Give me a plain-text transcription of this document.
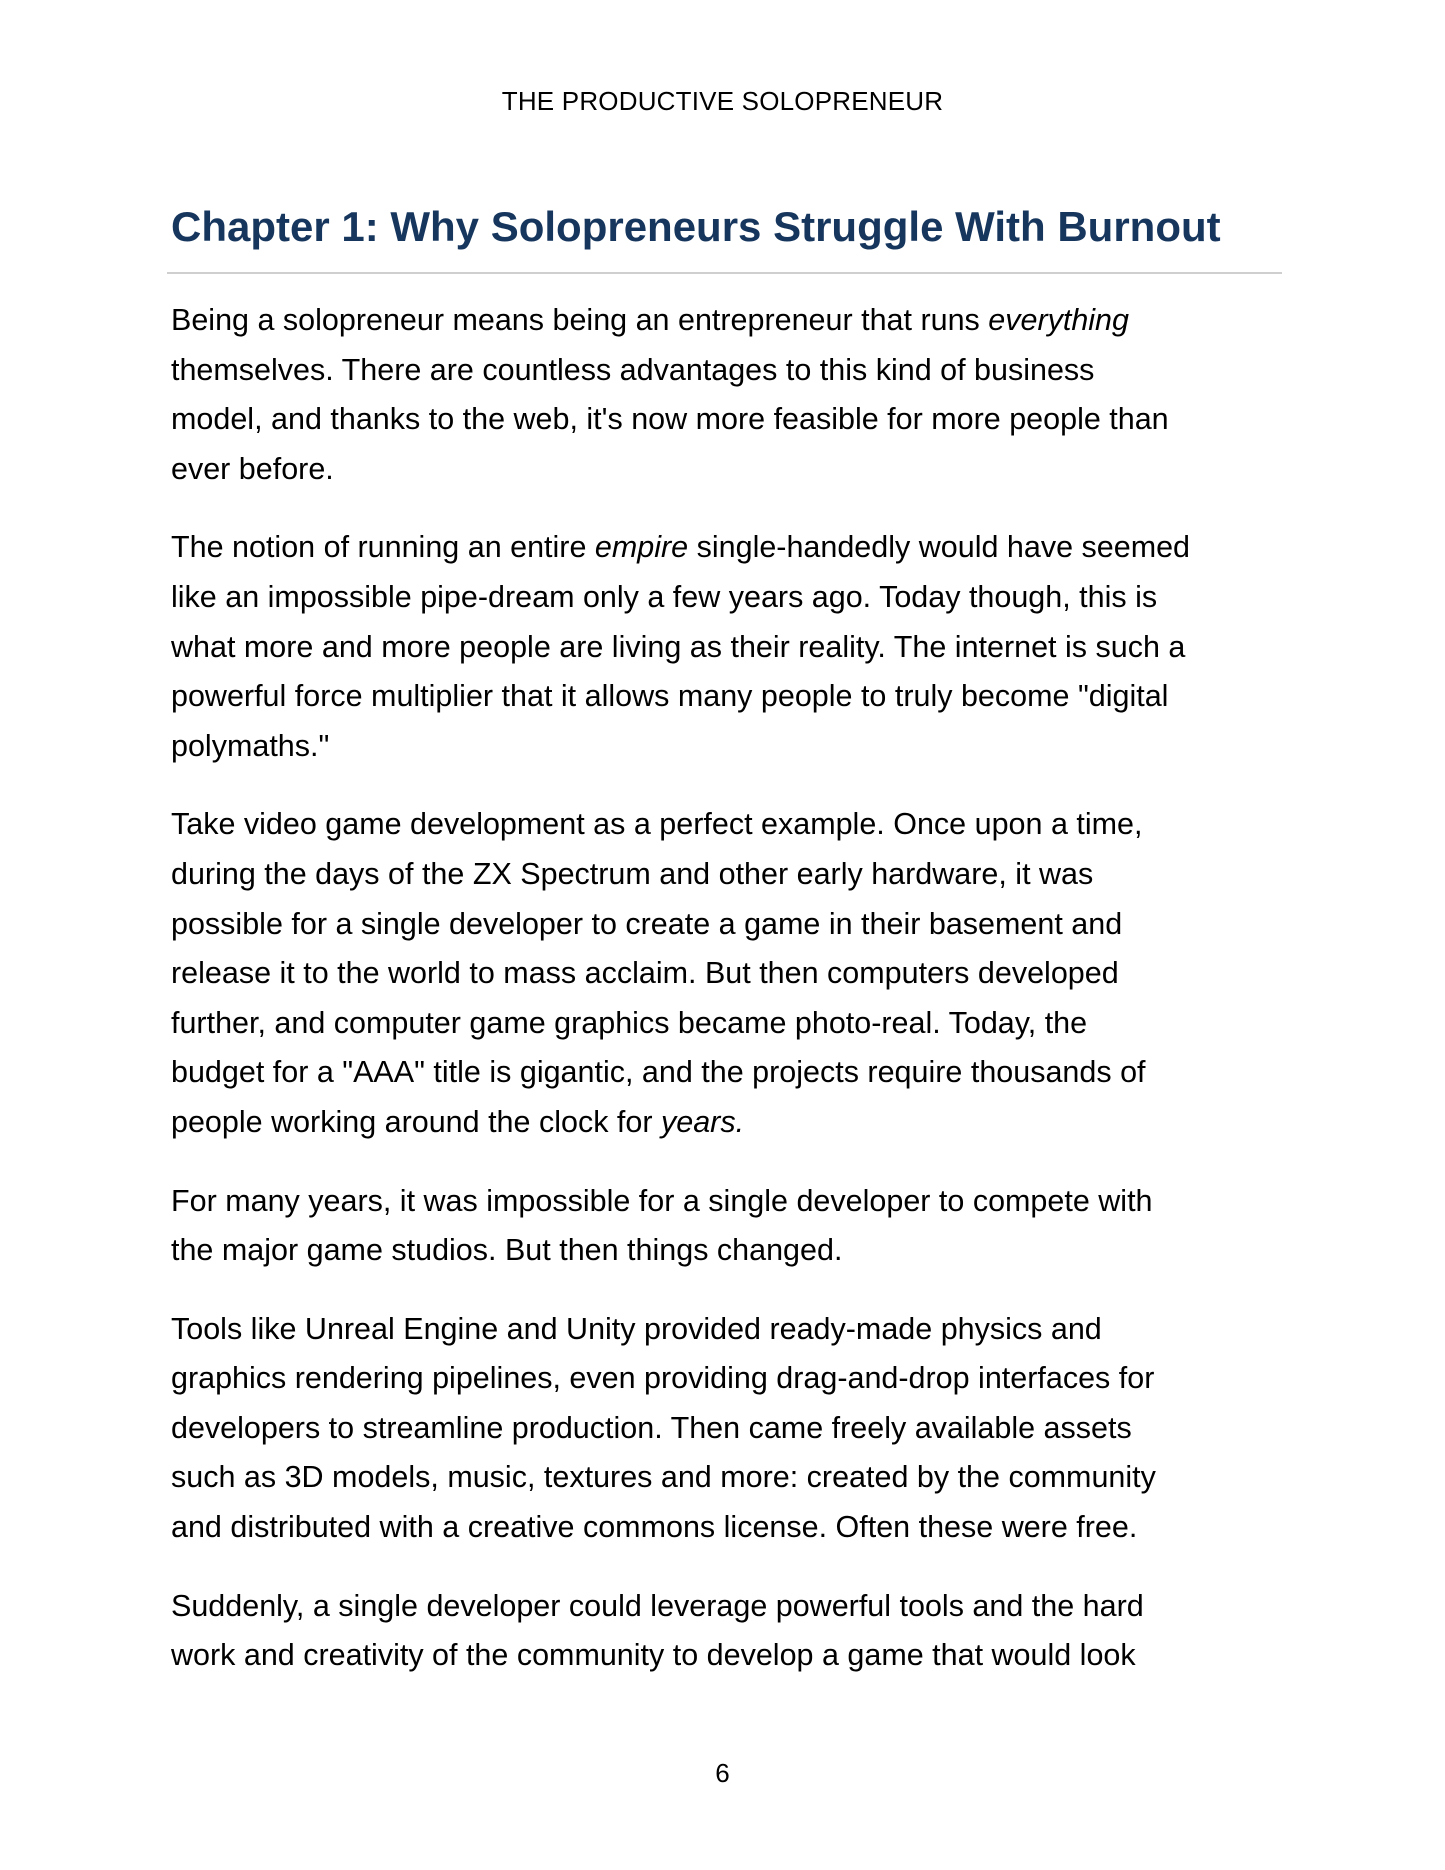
THE PRODUCTIVE SOLOPRENEUR
Chapter 1: Why Solopreneurs Struggle With Burnout

Being a solopreneur means being an entrepreneur that runs everything
themselves. There are countless advantages to this kind of business
model, and thanks to the web, it's now more feasible for more people than
ever before.

The notion of running an entire empire single-handedly would have seemed
like an impossible pipe-dream only a few years ago. Today though, this is
what more and more people are living as their reality. The internet is such a
powerful force multiplier that it allows many people to truly become "digital
polymaths."

Take video game development as a perfect example. Once upon a time,
during the days of the ZX Spectrum and other early hardware, it was
possible for a single developer to create a game in their basement and
release it to the world to mass acclaim. But then computers developed
further, and computer game graphics became photo-real. Today, the
budget for a "AAA" title is gigantic, and the projects require thousands of
people working around the clock for years.

For many years, it was impossible for a single developer to compete with
the major game studios. But then things changed.

Tools like Unreal Engine and Unity provided ready-made physics and
graphics rendering pipelines, even providing drag-and-drop interfaces for
developers to streamline production. Then came freely available assets
such as 3D models, music, textures and more: created by the community
and distributed with a creative commons license. Often these were free.

Suddenly, a single developer could leverage powerful tools and the hard
work and creativity of the community to develop a game that would look

6
